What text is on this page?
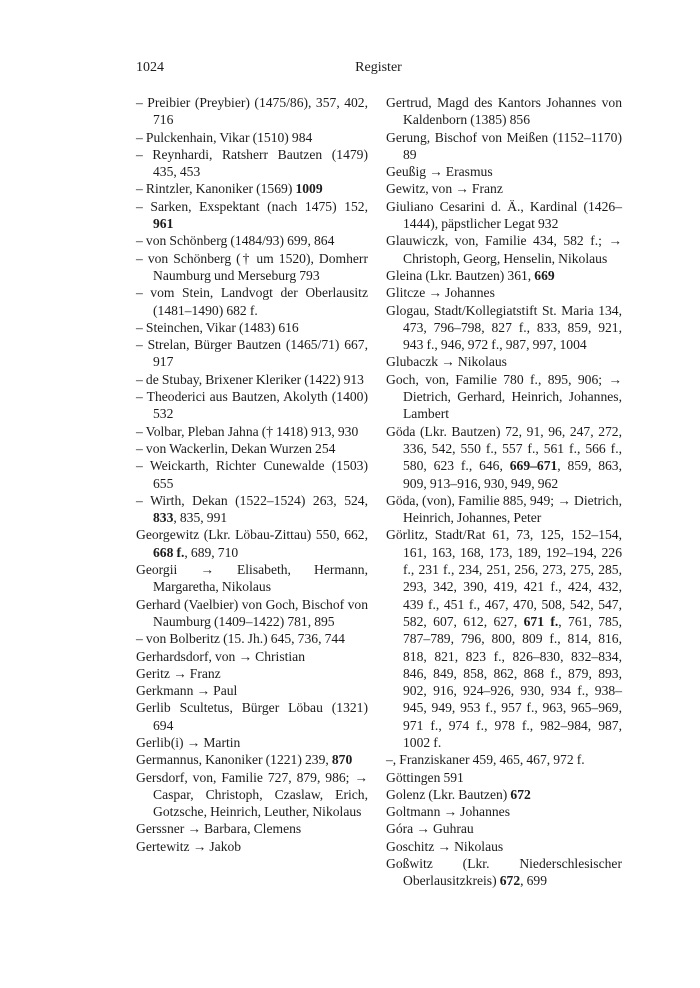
1024	Register

– Preibier (Preybier) (1475/86), 357, 402, 716

– Pulckenhain, Vikar (1510) 984

– Reynhardi, Ratsherr Bautzen (1479) 435, 453

– Rintzler, Kanoniker (1569) 1009

– Sarken, Exspektant (nach 1475) 152, 961

– von Schönberg (1484/93) 699, 864

– von Schönberg († um 1520), Domherr Naumburg und Merseburg 793

– vom Stein, Landvogt der Oberlausitz (1481–1490) 682 f.

– Steinchen, Vikar (1483) 616

– Strelan, Bürger Bautzen (1465/71) 667, 917

– de Stubay, Brixener Kleriker (1422) 913

– Theoderici aus Bautzen, Akolyth (1400) 532

– Volbar, Pleban Jahna († 1418) 913, 930

– von Wackerlin, Dekan Wurzen 254

– Weickarth, Richter Cunewalde (1503) 655

– Wirth, Dekan (1522–1524) 263, 524, 833, 835, 991

Georgewitz (Lkr. Löbau-Zittau) 550, 662, 668 f., 689, 710

Georgii → Elisabeth, Hermann, Margaretha, Nikolaus

Gerhard (Vaelbier) von Goch, Bischof von Naumburg (1409–1422) 781, 895

– von Bolberitz (15. Jh.) 645, 736, 744

Gerhardsdorf, von → Christian

Geritz → Franz

Gerkmann → Paul

Gerlib Scultetus, Bürger Löbau (1321) 694

Gerlib(i) → Martin

Germannus, Kanoniker (1221) 239, 870

Gersdorf, von, Familie 727, 879, 986; → Caspar, Christoph, Czaslaw, Erich, Gotzsche, Heinrich, Leuther, Nikolaus

Gerssner → Barbara, Clemens

Gertewitz → Jakob

Gertrud, Magd des Kantors Johannes von Kaldenborn (1385) 856

Gerung, Bischof von Meißen (1152–1170) 89

Geußig → Erasmus

Gewitz, von → Franz

Giuliano Cesarini d. Ä., Kardinal (1426–1444), päpstlicher Legat 932

Glauwiczk, von, Familie 434, 582 f.; → Christoph, Georg, Henselin, Nikolaus

Gleina (Lkr. Bautzen) 361, 669

Glitcze → Johannes

Glogau, Stadt/Kollegiatstift St. Maria 134, 473, 796–798, 827 f., 833, 859, 921, 943 f., 946, 972 f., 987, 997, 1004

Glubaczk → Nikolaus

Goch, von, Familie 780 f., 895, 906; → Dietrich, Gerhard, Heinrich, Johannes, Lambert

Göda (Lkr. Bautzen) 72, 91, 96, 247, 272, 336, 542, 550 f., 557 f., 561 f., 566 f., 580, 623 f., 646, 669–671, 859, 863, 909, 913–916, 930, 949, 962

Göda, (von), Familie 885, 949; → Dietrich, Heinrich, Johannes, Peter

Görlitz, Stadt/Rat 61, 73, 125, 152–154, 161, 163, 168, 173, 189, 192–194, 226 f., 231 f., 234, 251, 256, 273, 275, 285, 293, 342, 390, 419, 421 f., 424, 432, 439 f., 451 f., 467, 470, 508, 542, 547, 582, 607, 612, 627, 671 f., 761, 785, 787–789, 796, 800, 809 f., 814, 816, 818, 821, 823 f., 826–830, 832–834, 846, 849, 858, 862, 868 f., 879, 893, 902, 916, 924–926, 930, 934 f., 938–945, 949, 953 f., 957 f., 963, 965–969, 971 f., 974 f., 978 f., 982–984, 987, 1002 f.

–, Franziskaner 459, 465, 467, 972 f.

Göttingen 591

Golenz (Lkr. Bautzen) 672

Goltmann → Johannes

Góra → Guhrau

Goschitz → Nikolaus

Goßwitz (Lkr. Niederschlesischer Oberlausitzkreis) 672, 699
